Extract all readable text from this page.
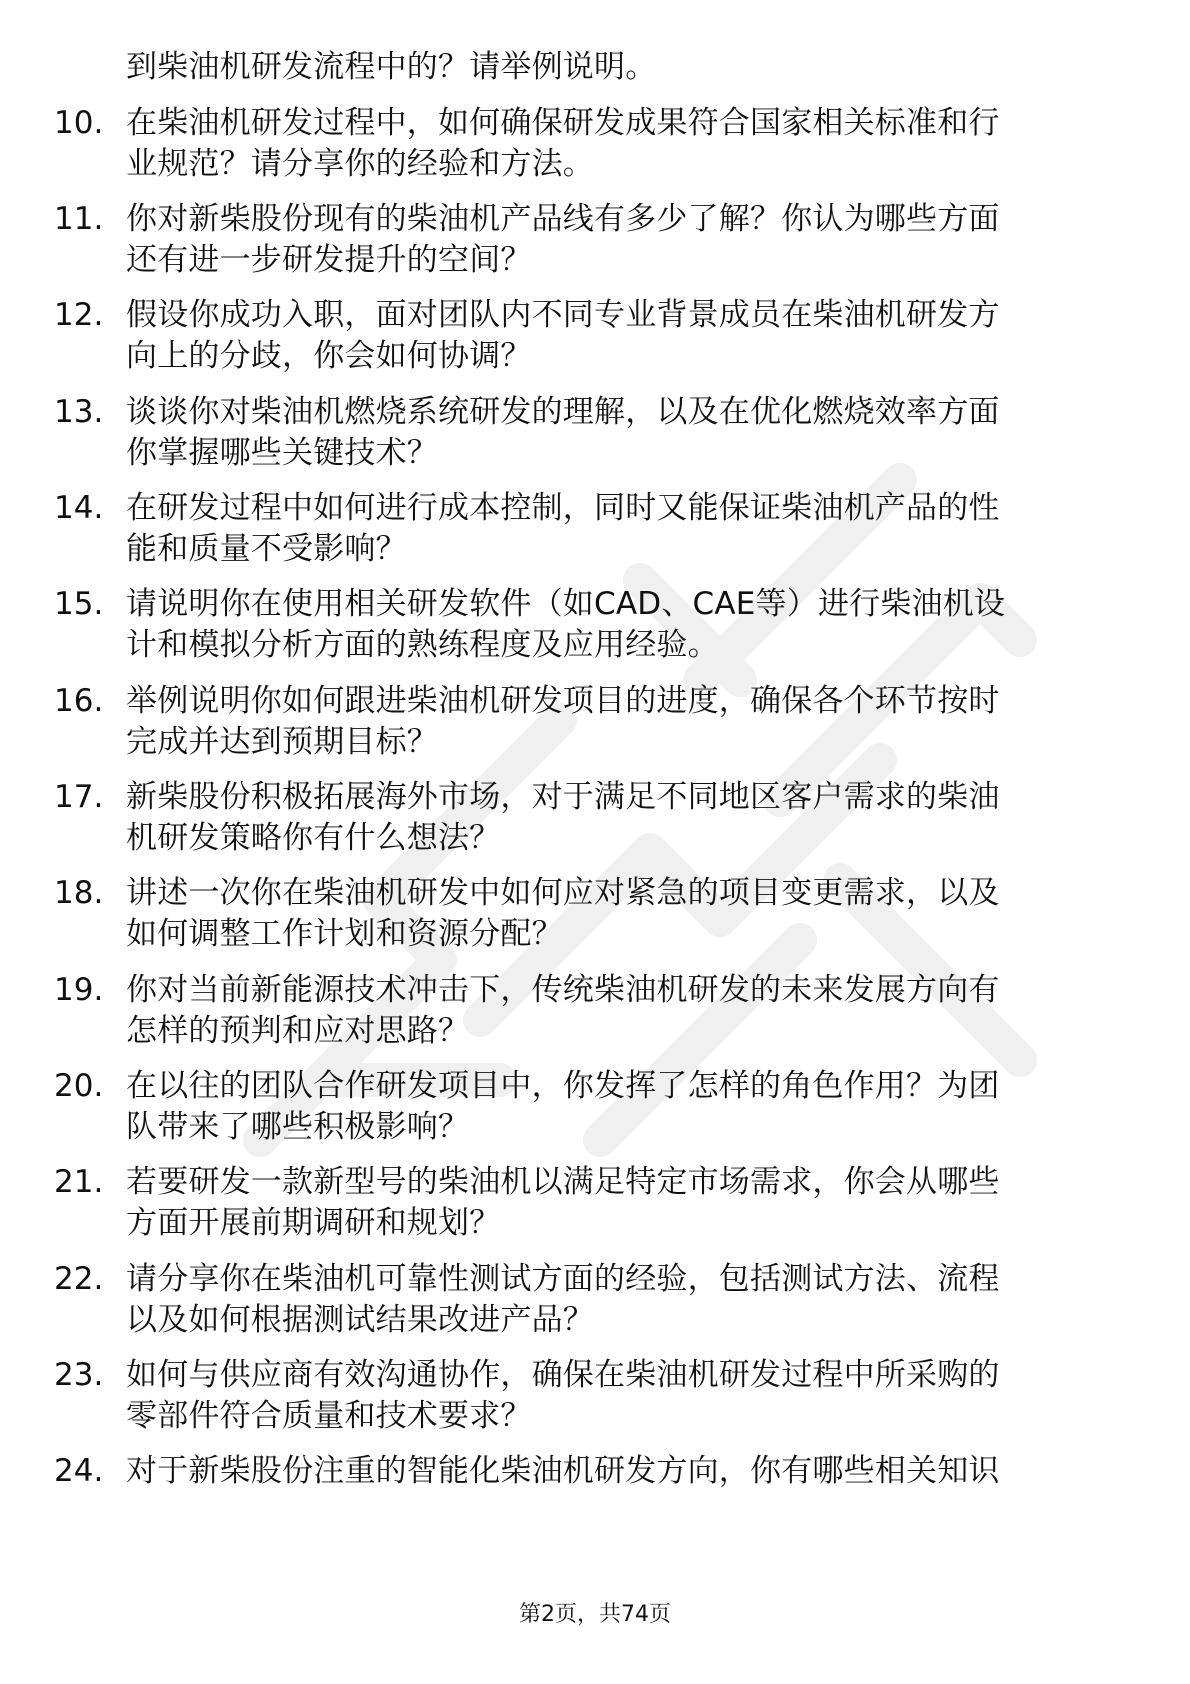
到柴油机研发流程中的？请举例说明。
10. 在柴油机研发过程中，如何确保研发成果符合国家相关标准和行
业规范？请分享你的经验和方法。
11. 你对新柴股份现有的柴油机产品线有多少了解？你认为哪些方面
还有进一步研发提升的空间？
12. 假设你成功入职，面对团队内不同专业背景成员在柴油机研发方
向上的分歧，你会如何协调？
13. 谈谈你对柴油机燃烧系统研发的理解，以及在优化燃烧效率方面
你掌握哪些关键技术？
14. 在研发过程中如何进行成本控制，同时又能保证柴油机产品的性
能和质量不受影响？
15. 请说明你在使用相关研发软件（如CAD、CAE等）进行柴油机设
计和模拟分析方面的熟练程度及应用经验。
16. 举例说明你如何跟进柴油机研发项目的进度，确保各个环节按时
完成并达到预期目标？
17. 新柴股份积极拓展海外市场，对于满足不同地区客户需求的柴油
机研发策略你有什么想法？
18. 讲述一次你在柴油机研发中如何应对紧急的项目变更需求，以及
如何调整工作计划和资源分配？
19. 你对当前新能源技术冲击下，传统柴油机研发的未来发展方向有
怎样的预判和应对思路？
20. 在以往的团队合作研发项目中，你发挥了怎样的角色作用？为团
队带来了哪些积极影响？
21. 若要研发一款新型号的柴油机以满足特定市场需求，你会从哪些
方面开展前期调研和规划？
22. 请分享你在柴油机可靠性测试方面的经验，包括测试方法、流程
以及如何根据测试结果改进产品？
23. 如何与供应商有效沟通协作，确保在柴油机研发过程中所采购的
零部件符合质量和技术要求？
24. 对于新柴股份注重的智能化柴油机研发方向，你有哪些相关知识
第2页，共74页
